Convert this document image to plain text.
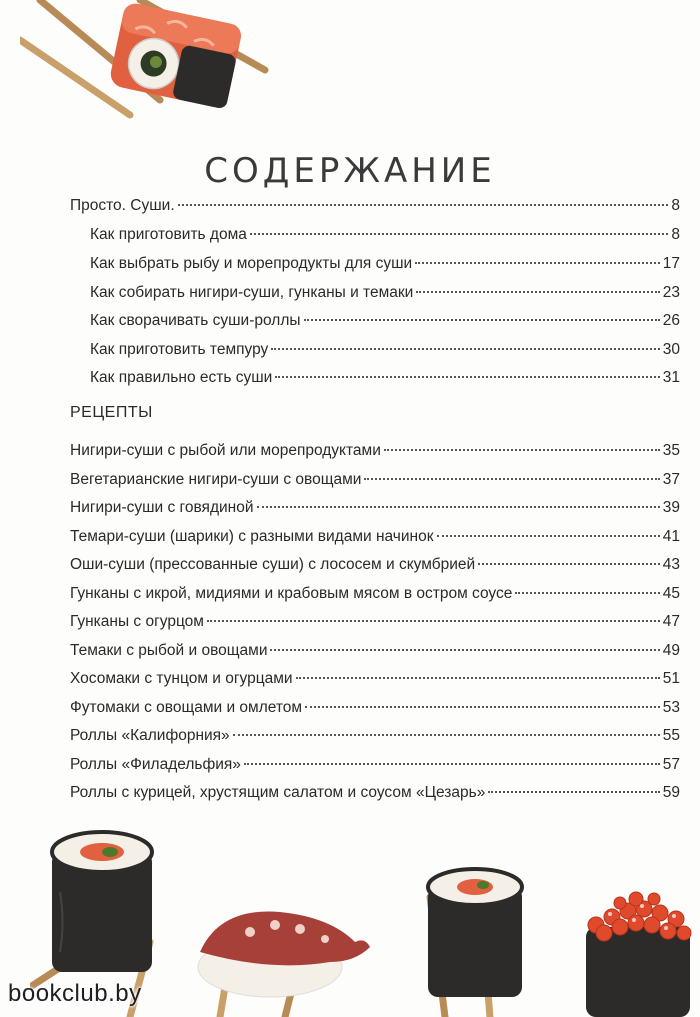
СОДЕРЖАНИЕ
Просто. Суши.	8
Как приготовить дома	8
Как выбрать рыбу и морепродукты для суши	17
Как собирать нигири-суши, гунканы и темаки	23
Как сворачивать суши-роллы	26
Как приготовить темпуру	30
Как правильно есть суши	31
РЕЦЕПТЫ
Нигири-суши с рыбой или морепродуктами	35
Вегетарианские нигири-суши с овощами	37
Нигири-суши с говядиной	39
Темари-суши (шарики) с разными видами начинок	41
Оши-суши (прессованные суши) с лососем и скумбрией	43
Гунканы с икрой, мидиями и крабовым мясом в остром соусе	45
Гунканы с огурцом	47
Темаки с рыбой и овощами	49
Хосомаки с тунцом и огурцами	51
Футомаки с овощами и омлетом	53
Роллы «Калифорния»	55
Роллы «Филадельфия»	57
Роллы с курицей, хрустящим салатом и соусом «Цезарь»	59
bookclub.by
